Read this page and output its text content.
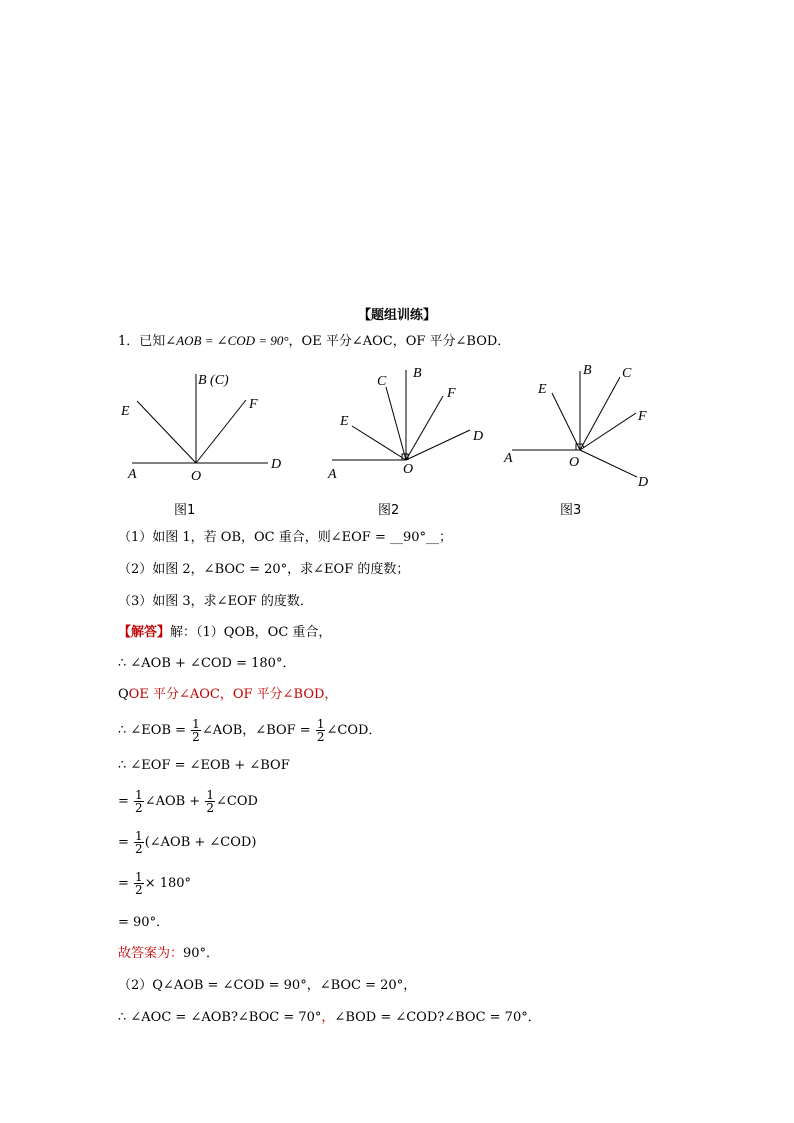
【题组训练】
1．已知∠AOB = ∠COD = 90°，OE 平分∠AOC，OF 平分∠BOD．
B (C)
E	F
A	O
D
图1
C
B
F
E
D
A	O
图2
B C
E
F
A	O
D
图3
（1）如图 1，若 OB，OC 重合，则∠EOF = __90°__；
（2）如图 2，∠BOC = 20°，求∠EOF 的度数；
（3）如图 3，求∠EOF 的度数．
【解答】解：（1）QOB，OC 重合，
∴ ∠AOB + ∠COD = 180°．
QOE 平分∠AOC，OF 平分∠BOD，
∴ ∠EOB = $\frac{1}{2}$ ∠AOB，∠BOF = $\frac{1}{2}$ ∠COD．
∴ ∠EOF = ∠EOB + ∠BOF
= $\frac{1}{2}$ ∠AOB + $\frac{1}{2}$ ∠COD
= $\frac{1}{2}$ (∠AOB + ∠COD)
= $\frac{1}{2} \times 180^\circ$
= 90°．
故答案为：90°．
（2）Q∠AOB = ∠COD = 90°，∠BOC = 20°，
∴ ∠AOC = ∠AOB?∠BOC = 70°，∠BOD = ∠COD?∠BOC = 70°．
